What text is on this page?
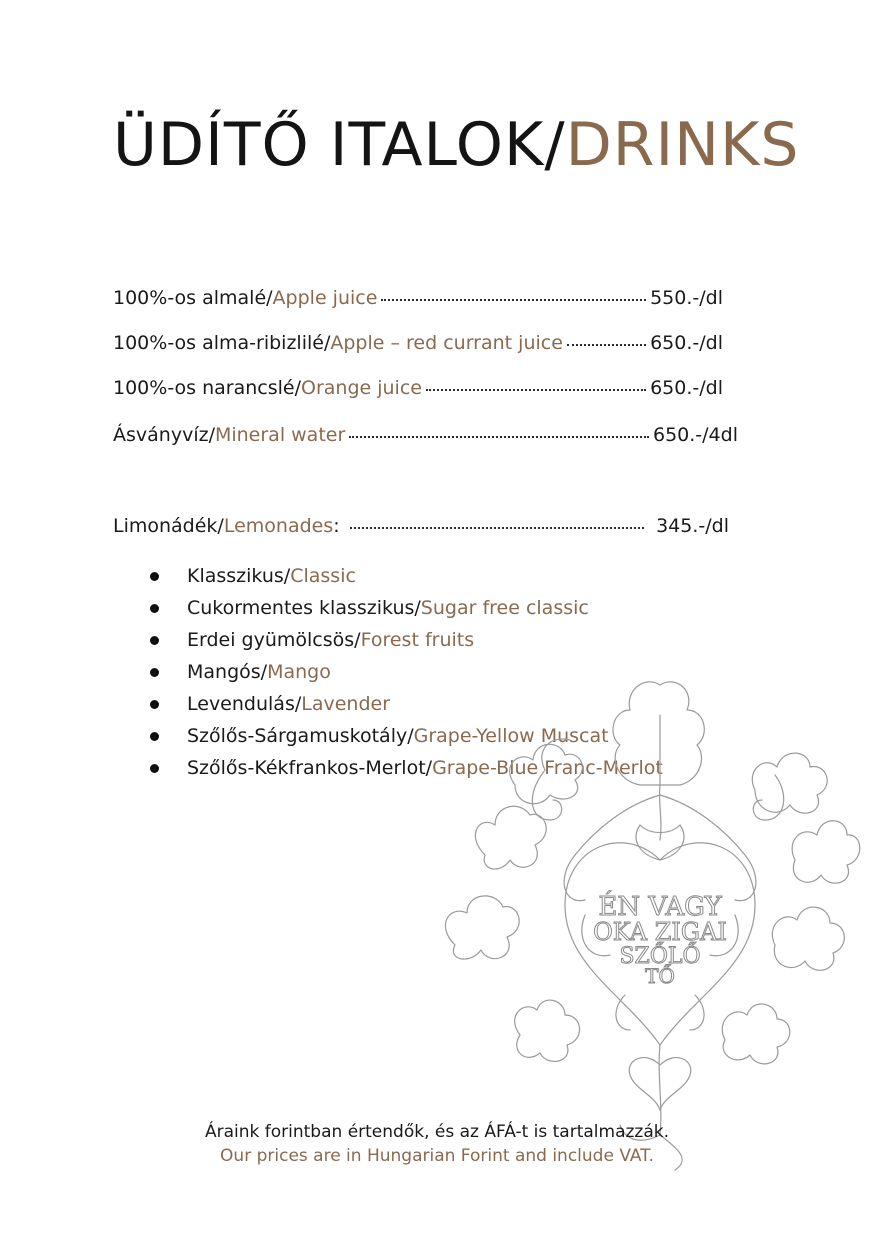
ÜDÍTŐ ITALOK/DRINKS
100%-os almalé/ Apple juice	550.-/dl
100%-os alma-ribizlilé/ Apple – red currant juice	650.-/dl
100%-os narancslé/ Orange juice	650.-/dl
Ásványvíz/ Mineral water	650.-/4dl
Limonádék/ Lemonades :	345.-/dl
Klasszikus/ Classic
Cukormentes klasszikus/ Sugar free classic
Erdei gyümölcsös/ Forest fruits
Mangós/ Mango
Levendulás/ Lavender
Szőlős-Sárgamuskotály/ Grape-Yellow Muscat
Szőlős-Kékfrankos-Merlot/ Grape-Blue Franc-Merlot
ÉN VAGY
OKA ZIGAI
SZŐLŐ
TŐ
Áraink forintban értendők, és az ÁFÁ-t is tartalmazzák.
Our prices are in Hungarian Forint and include VAT.
